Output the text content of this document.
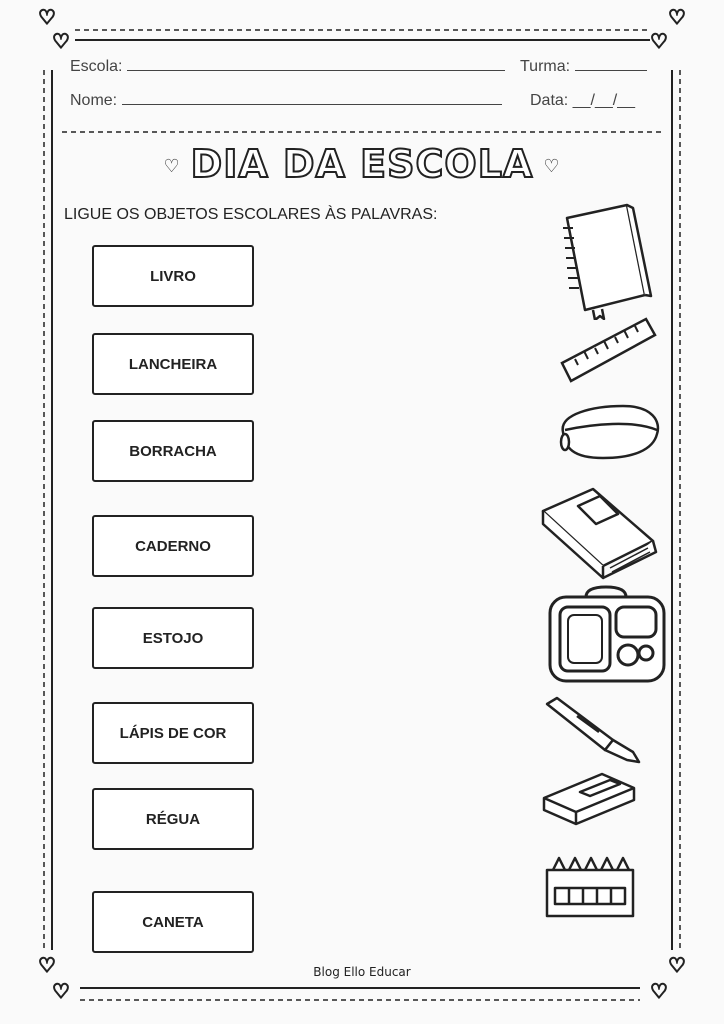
♡
♡	♡
♡
♡
♡	♡
♡
Escola:	Turma:
Nome:	Data: __/__/__
♡ DIA DA ESCOLA ♡
LIGUE OS OBJETOS ESCOLARES ÀS PALAVRAS:
LIVRO
LANCHEIRA
BORRACHA
CADERNO
ESTOJO
LÁPIS DE COR
RÉGUA
CANETA
Blog Ello Educar
